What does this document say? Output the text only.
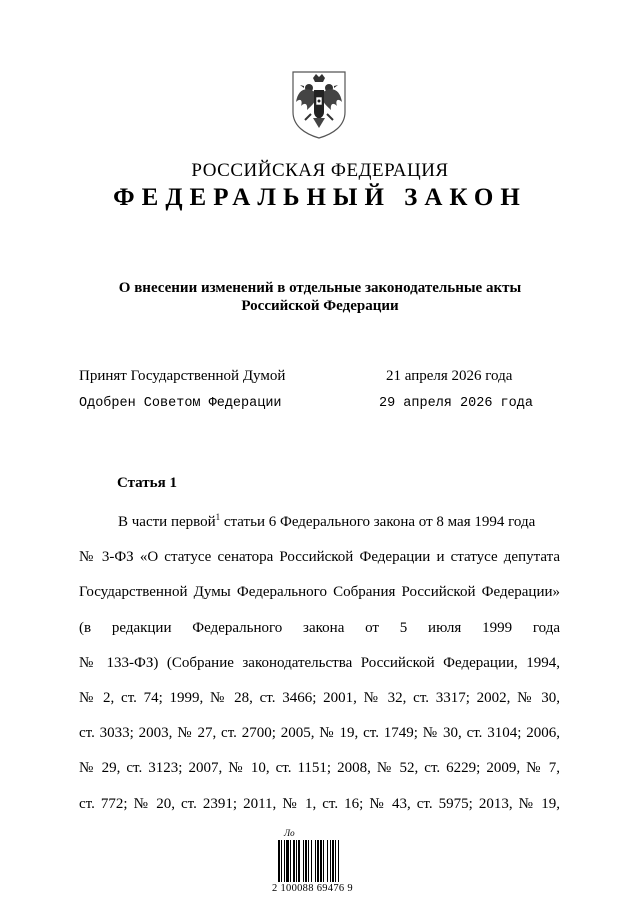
РОССИЙСКАЯ ФЕДЕРАЦИЯ
ФЕДЕРАЛЬНЫЙ ЗАКОН
О внесении изменений в отдельные законодательные акты
Российской Федерации
Принят Государственной Думой	21 апреля 2026 года
Одобрен Советом Федерации	29 апреля 2026 года
Статья 1
В части первой$^1$ статьи 6 Федерального закона от 8 мая 1994 года
№ 3-ФЗ «О статусе сенатора Российской Федерации и статусе депутата
Государственной Думы Федерального Собрания Российской Федерации»
(в редакции Федерального закона от 5 июля 1999 года
№ 133-ФЗ) (Собрание законодательства Российской Федерации, 1994,
№ 2, ст. 74; 1999, № 28, ст. 3466; 2001, № 32, ст. 3317; 2002, № 30,
ст. 3033; 2003, № 27, ст. 2700; 2005, № 19, ст. 1749; № 30, ст. 3104; 2006,
№ 29, ст. 3123; 2007, № 10, ст. 1151; 2008, № 52, ст. 6229; 2009, № 7,
ст. 772; № 20, ст. 2391; 2011, № 1, ст. 16; № 43, ст. 5975; 2013, № 19,
Ло
2 100088 69476 9
